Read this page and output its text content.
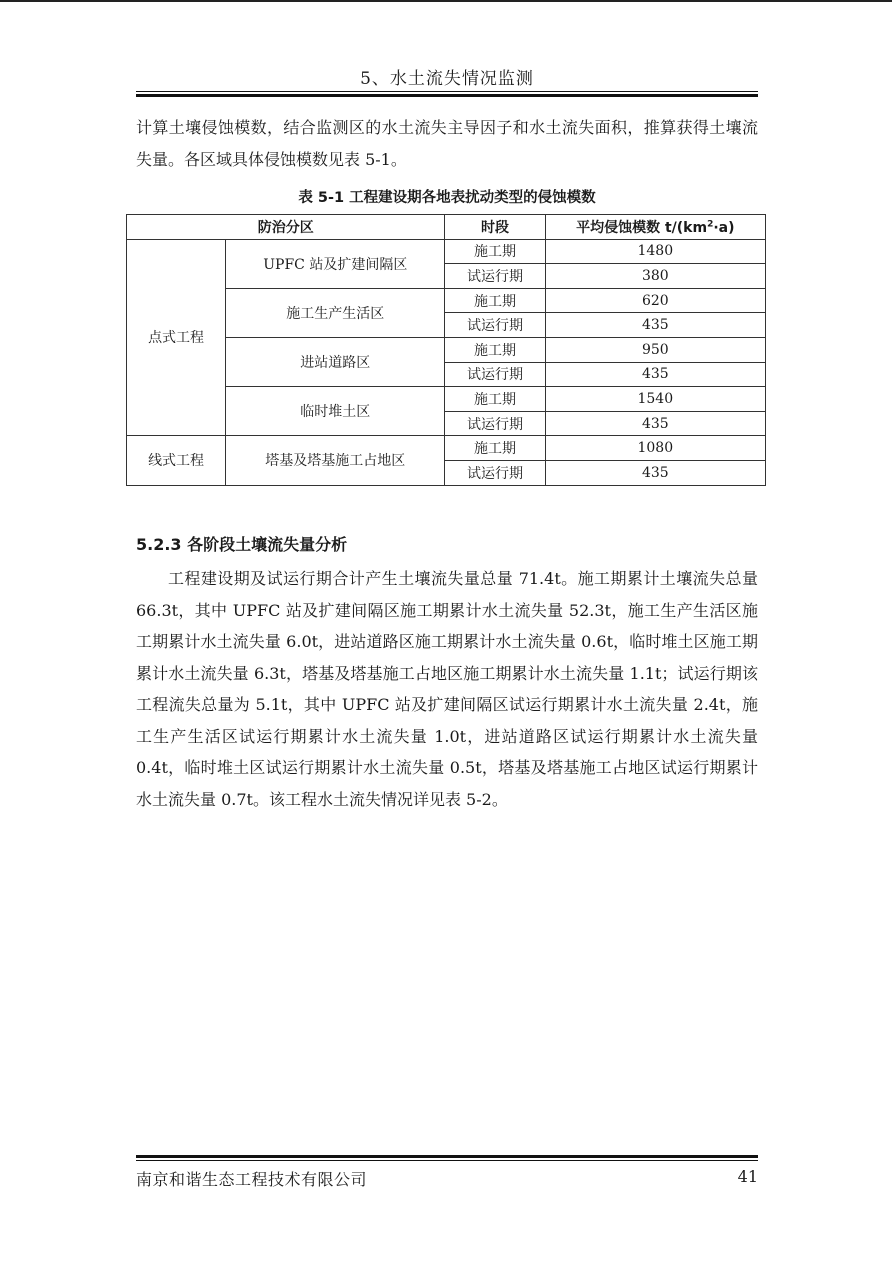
5、水土流失情况监测

计算土壤侵蚀模数，结合监测区的水土流失主导因子和水土流失面积，推算获得土壤流失量。各区域具体侵蚀模数见表 5-1。

表 5-1 工程建设期各地表扰动类型的侵蚀模数
防治分区		时段	平均侵蚀模数 $t/(km^2\cdot a)$
点式工程	UPFC 站及扩建间隔区	施工期	1480
		试运行期	380
	施工生产生活区	施工期	620
		试运行期	435
	进站道路区	施工期	950
		试运行期	435
	临时堆土区	施工期	1540
		试运行期	435
线式工程	塔基及塔基施工占地区	施工期	1080
		试运行期	435
5.2.3 各阶段土壤流失量分析

工程建设期及试运行期合计产生土壤流失量总量 71.4t。施工期累计土壤流失总量 66.3t，其中 UPFC 站及扩建间隔区施工期累计水土流失量 52.3t，施工生产生活区施工期累计水土流失量 6.0t，进站道路区施工期累计水土流失量 0.6t，临时堆土区施工期累计水土流失量 6.3t，塔基及塔基施工占地区施工期累计水土流失量 1.1t；试运行期该工程流失总量为 5.1t，其中 UPFC 站及扩建间隔区试运行期累计水土流失量 2.4t，施工生产生活区试运行期累计水土流失量 1.0t，进站道路区试运行期累计水土流失量 0.4t，临时堆土区试运行期累计水土流失量 0.5t，塔基及塔基施工占地区试运行期累计水土流失量 0.7t。该工程水土流失情况详见表 5-2。

南京和谐生态工程技术有限公司	41
